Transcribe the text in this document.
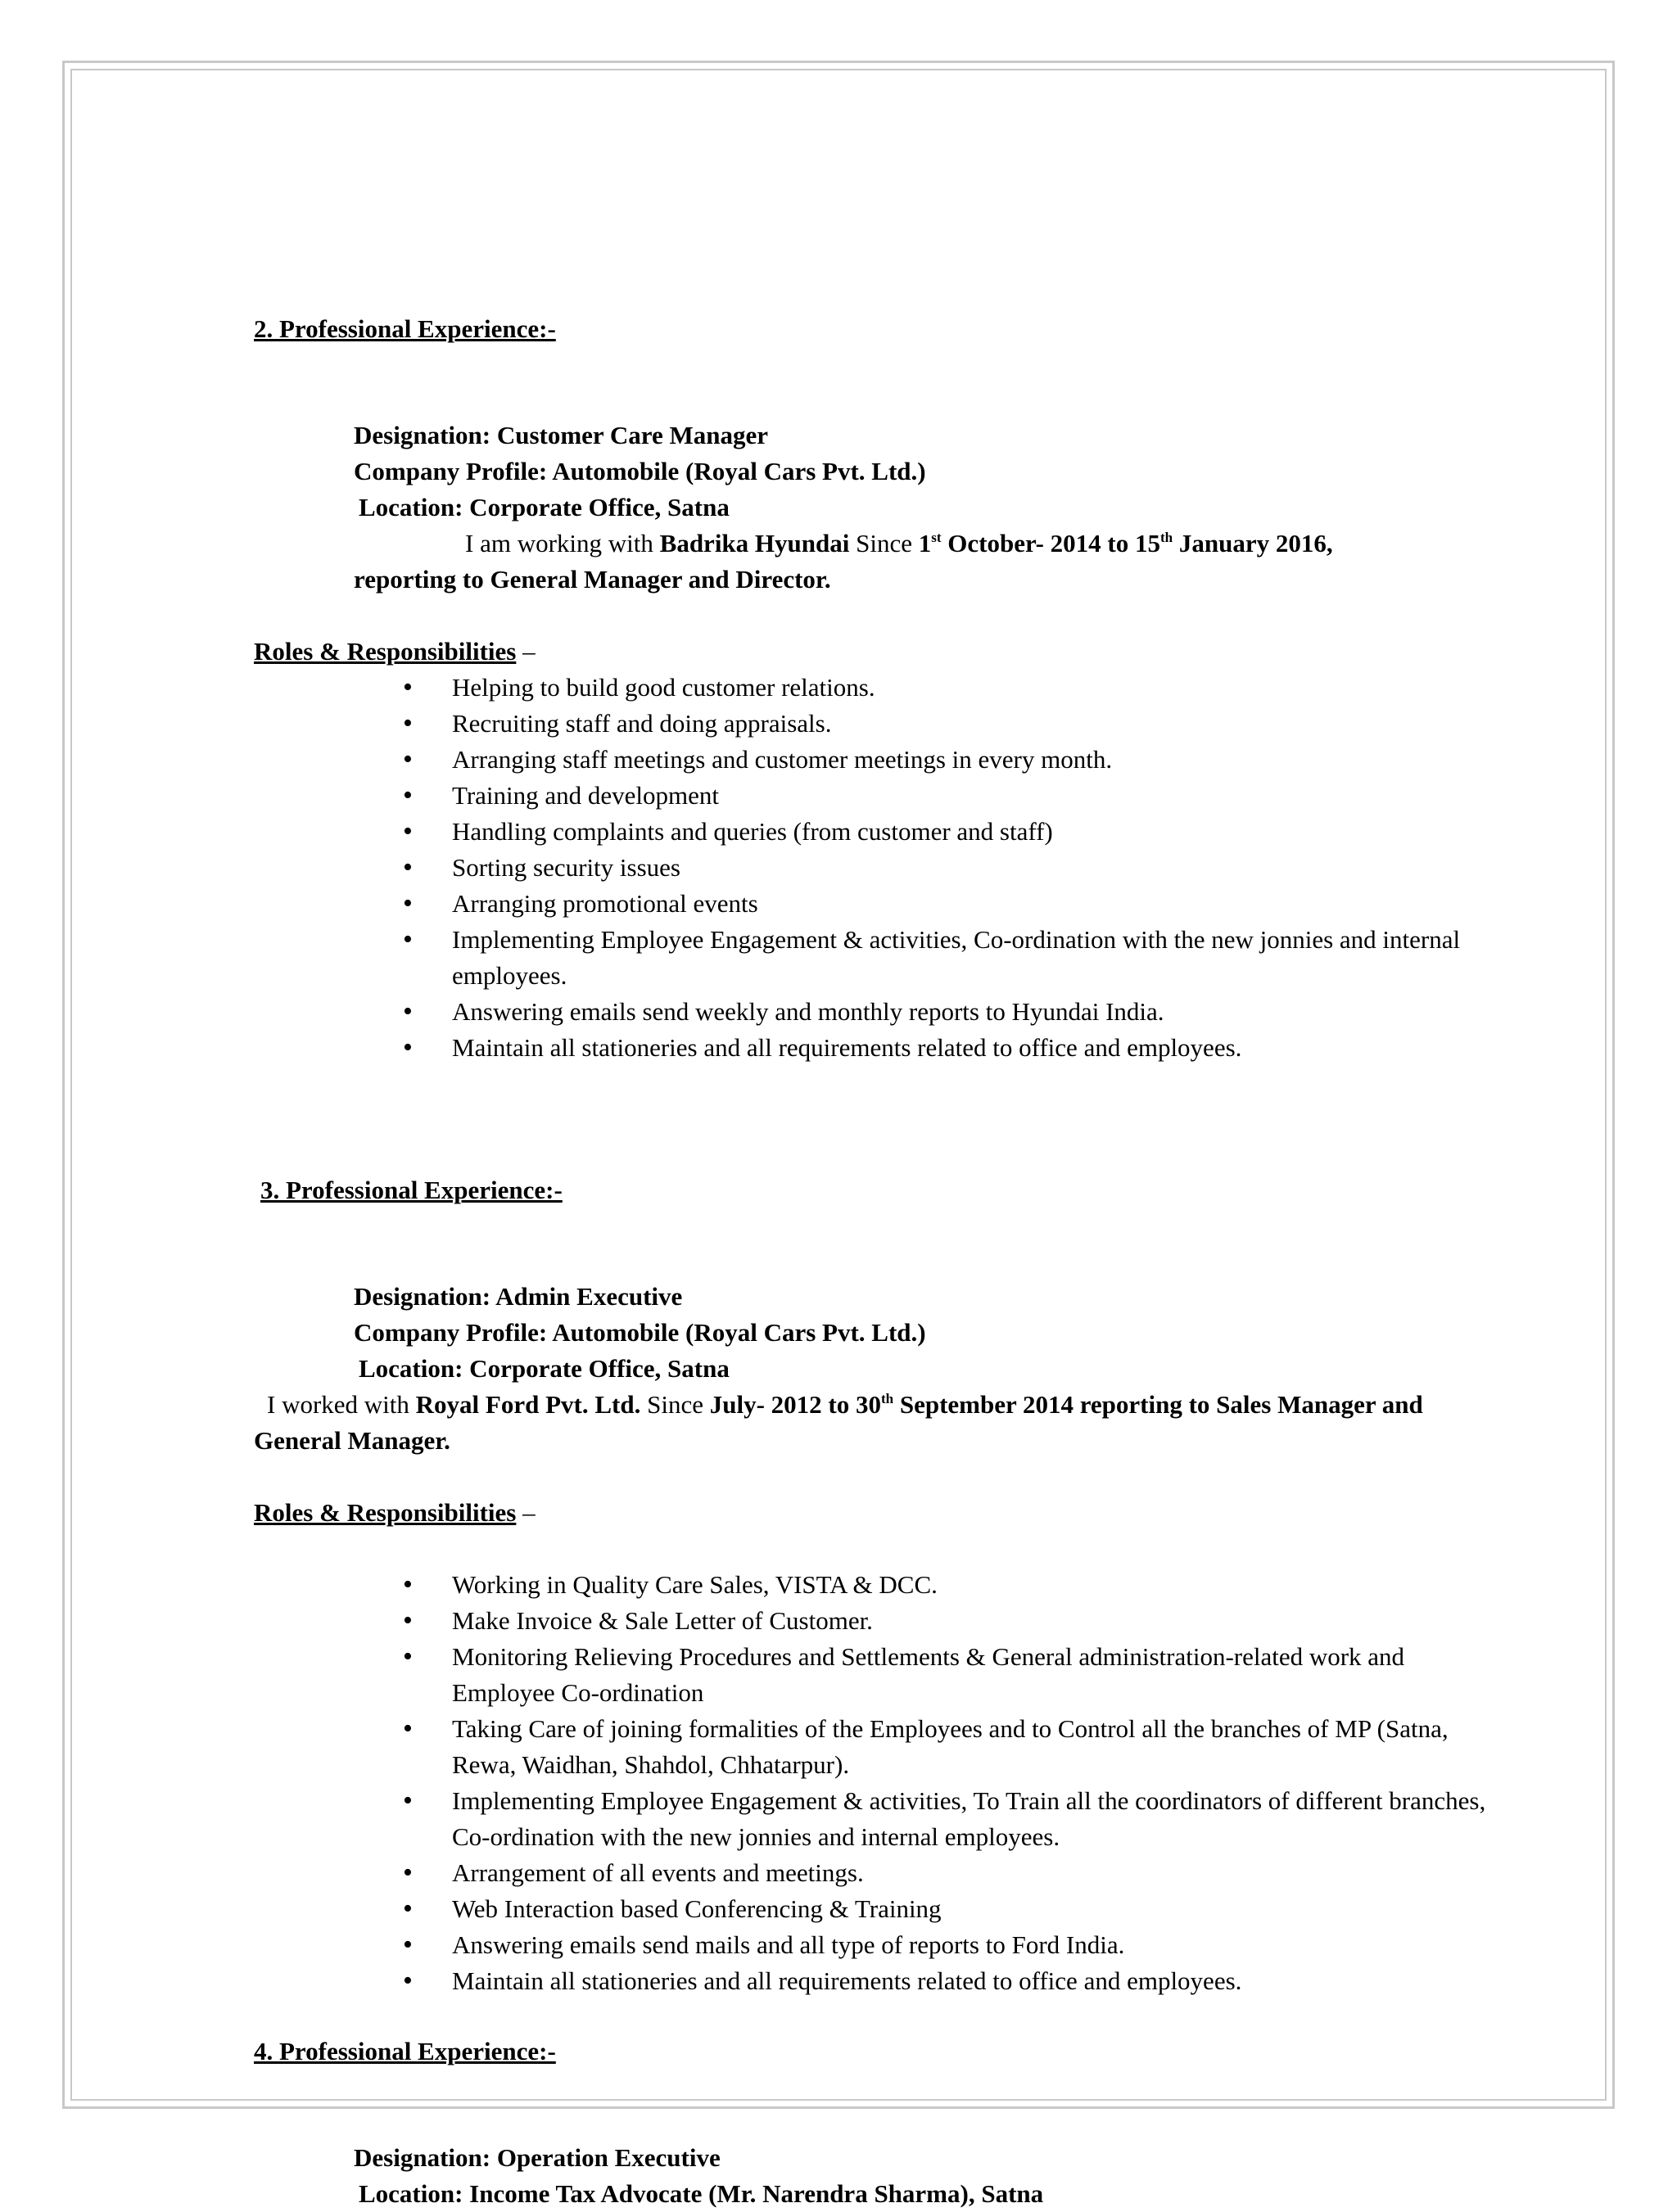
2. Professional Experience:-

Designation: Customer Care Manager

Company Profile: Automobile (Royal Cars Pvt. Ltd.)

Location: Corporate Office, Satna

I am working with Badrika Hyundai Since 1st October- 2014 to 15th January 2016,
reporting to General Manager and Director.

Roles & Responsibilities –

• Helping to build good customer relations.
• Recruiting staff and doing appraisals.
• Arranging staff meetings and customer meetings in every month.
• Training and development
• Handling complaints and queries (from customer and staff)
• Sorting security issues
• Arranging promotional events
• Implementing Employee Engagement & activities, Co-ordination with the new jonnies and internal employees.
• Answering emails send weekly and monthly reports to Hyundai India.
• Maintain all stationeries and all requirements related to office and employees.

3. Professional Experience:-

Designation: Admin Executive

Company Profile: Automobile (Royal Cars Pvt. Ltd.)

Location: Corporate Office, Satna

I worked with Royal Ford Pvt. Ltd. Since July- 2012 to 30th September 2014 reporting to Sales Manager and General Manager.

Roles & Responsibilities –

• Working in Quality Care Sales, VISTA & DCC.
• Make Invoice & Sale Letter of Customer.
• Monitoring Relieving Procedures and Settlements & General administration-related work and Employee Co-ordination
• Taking Care of joining formalities of the Employees and to Control all the branches of MP (Satna, Rewa, Waidhan, Shahdol, Chhatarpur).
• Implementing Employee Engagement & activities, To Train all the coordinators of different branches, Co-ordination with the new jonnies and internal employees.
• Arrangement of all events and meetings.
• Web Interaction based Conferencing & Training
• Answering emails send mails and all type of reports to Ford India.
• Maintain all stationeries and all requirements related to office and employees.

4. Professional Experience:-

Designation: Operation Executive

Location: Income Tax Advocate (Mr. Narendra Sharma), Satna
